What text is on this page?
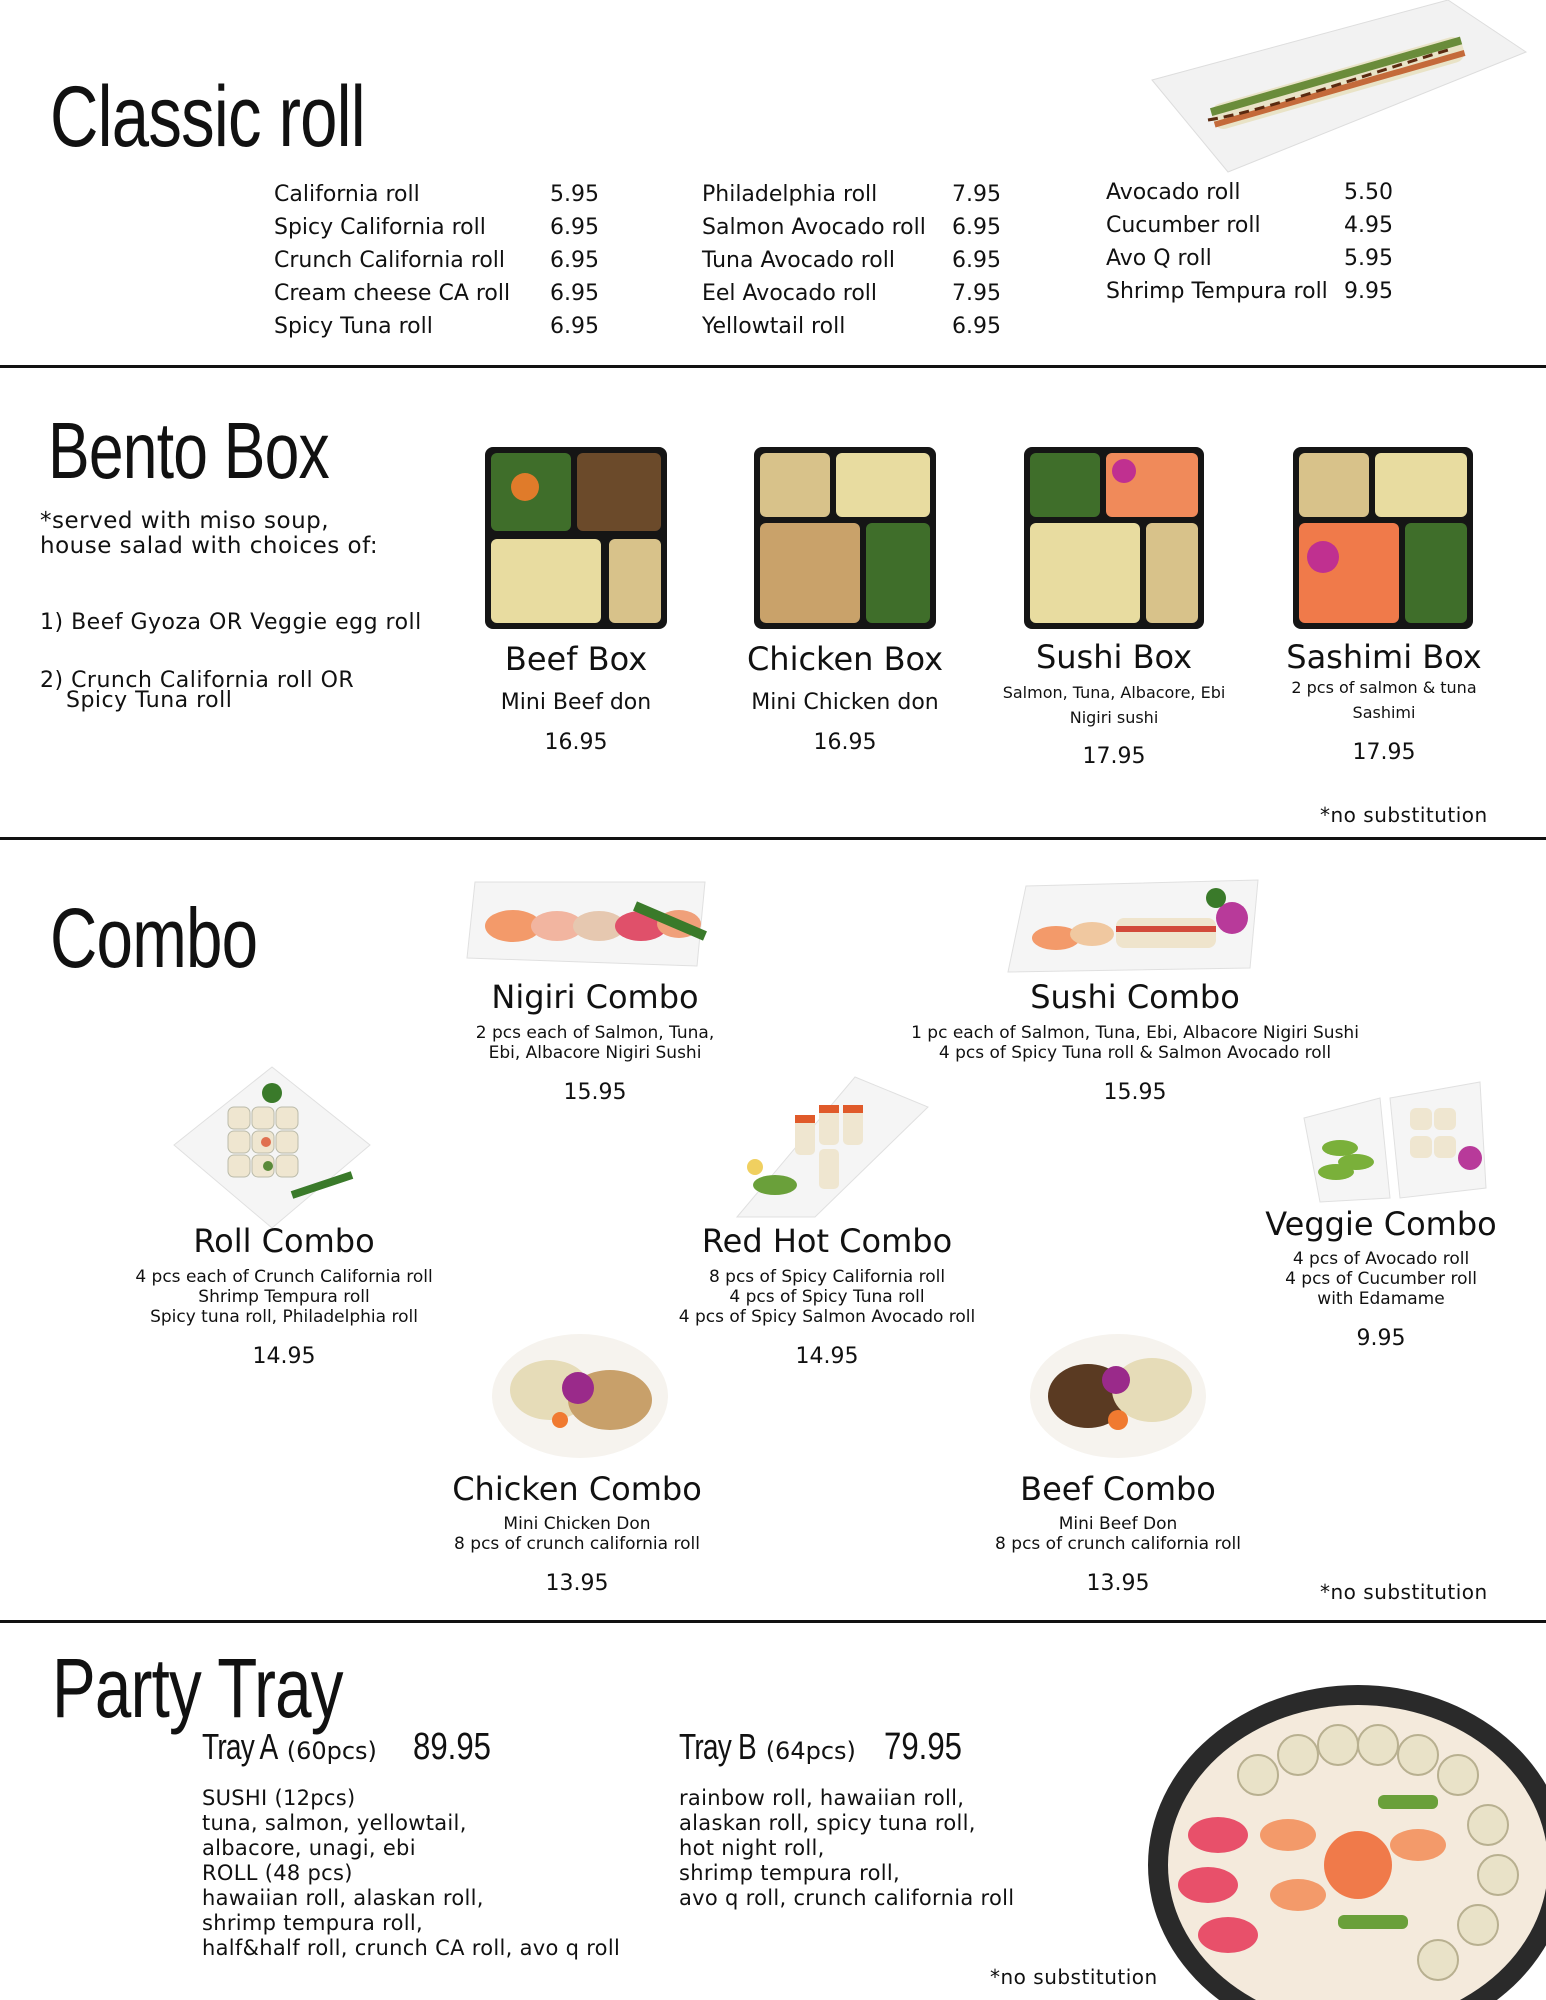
Classic roll
California roll	5.95
Spicy California roll	6.95
Crunch California roll 6.95
Cream cheese CA roll 6.95
Spicy Tuna roll	6.95
Philadelphia roll	7.95
Salmon Avocado roll 6.95
Tuna Avocado roll	6.95
Eel Avocado roll	7.95
Yellowtail roll	6.95
Avocado roll	5.50
Cucumber roll	4.95
Avo Q roll	5.95
Shrimp Tempura roll 9.95
Bento Box
*served with miso soup,
house salad with choices of:
1) Beef Gyoza OR Veggie egg roll
2) Crunch California roll OR
Spicy Tuna roll
Beef Box
Mini Beef don
16.95
Chicken Box
Mini Chicken don
16.95
Sushi Box
Salmon, Tuna, Albacore, Ebi
Nigiri sushi
17.95
Sashimi Box
2 pcs of salmon & tuna
Sashimi
17.95
*no substitution
Combo
Nigiri Combo
2 pcs each of Salmon, Tuna,
Ebi, Albacore Nigiri Sushi
15.95
Sushi Combo
1 pc each of Salmon, Tuna, Ebi, Albacore Nigiri Sushi
4 pcs of Spicy Tuna roll & Salmon Avocado roll
15.95
Roll Combo
4 pcs each of Crunch California roll
Shrimp Tempura roll
Spicy tuna roll, Philadelphia roll
14.95
Red Hot Combo
8 pcs of Spicy California roll
4 pcs of Spicy Tuna roll
4 pcs of Spicy Salmon Avocado roll
14.95
Veggie Combo
4 pcs of Avocado roll
4 pcs of Cucumber roll
with Edamame
9.95
Chicken Combo
Mini Chicken Don
8 pcs of crunch california roll
13.95
Beef Combo
Mini Beef Don
8 pcs of crunch california roll
13.95	*no substitution
Party Tray
Tray A (60pcs) 89.95
SUSHI (12pcs)
tuna, salmon, yellowtail,
albacore, unagi, ebi
ROLL (48 pcs)
hawaiian roll, alaskan roll,
shrimp tempura roll,
half&half roll, crunch CA roll, avo q roll
Tray B (64pcs) 79.95
rainbow roll, hawaiian roll,
alaskan roll, spicy tuna roll,
hot night roll,
shrimp tempura roll,
avo q roll, crunch california roll
*no substitution
